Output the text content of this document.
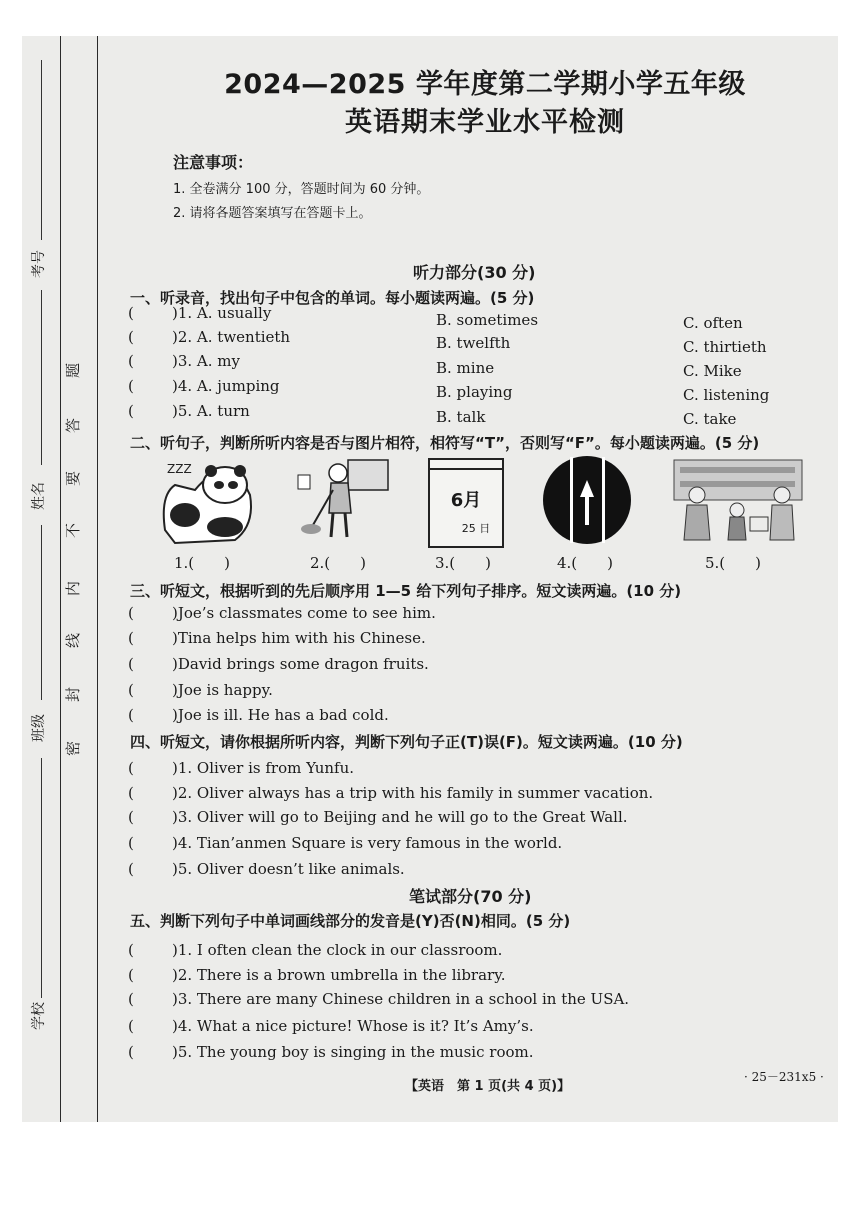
考号
姓名
班级
学校
题
答
要
不
内
线
封
密
2024—2025 学年度第二学期小学五年级
英语期末学业水平检测
注意事项：
1. 全卷满分 100 分，答题时间为 60 分钟。
2. 请将各题答案填写在答题卡上。
听力部分(30 分)
一、听录音，找出句子中包含的单词。每小题读两遍。(5 分)
(	)1. A. usually	B. sometimes	C. often
(	)2. A. twentieth	B. twelfth	C. thirtieth
(	)3. A. my	B. mine	C. Mike
(	)4. A. jumping	B. playing	C. listening
(	)5. A. turn	B. talk	C. take
二、听句子，判断所听内容是否与图片相符，相符写“T”，否则写“F”。每小题读两遍。(5 分)
ZZZ
6月
25 日
1.(　　)	2.(　　)	3.(　　)	4.(　　)	5.(　　)
三、听短文，根据听到的先后顺序用 1—5 给下列句子排序。短文读两遍。(10 分)
(	)Joe’s classmates come to see him.
(	)Tina helps him with his Chinese.
(	)David brings some dragon fruits.
(	)Joe is happy.
(	)Joe is ill. He has a bad cold.
四、听短文，请你根据所听内容，判断下列句子正(T)误(F)。短文读两遍。(10 分)
(	)1. Oliver is from Yunfu.
(	)2. Oliver always has a trip with his family in summer vacation.
(	)3. Oliver will go to Beijing and he will go to the Great Wall.
(	)4. Tian’anmen Square is very famous in the world.
(	)5. Oliver doesn’t like animals.
笔试部分(70 分)
五、判断下列句子中单词画线部分的发音是(Y)否(N)相同。(5 分)
(	)1. I often clean the clock in our classroom.
(	)2. There is a brown umbrella in the library.
(	)3. There are many Chinese children in a school in the USA.
(	)4. What a nice picture! Whose is it? It’s Amy’s.
(	)5. The young boy is singing in the music room.
【英语　第 1 页(共 4 页)】
· 25－231x5 ·
